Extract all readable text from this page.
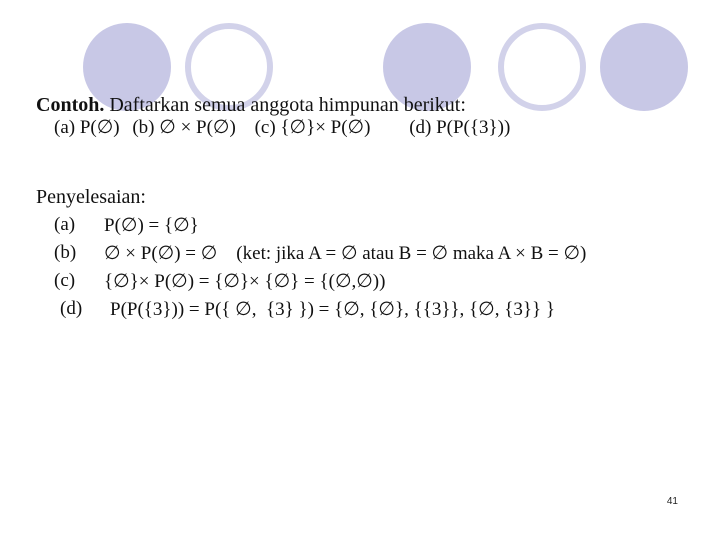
Contoh. Daftarkan semua anggota himpunan berikut:
(a) P(∅) (b) ∅ × P(∅) (c) {∅}× P(∅) (d) P(P({3}))
Penyelesaian:
(a) P(∅) = {∅}
(b) ∅ × P(∅) = ∅    (ket: jika A = ∅ atau B = ∅ maka A × B = ∅)
(c) {∅}× P(∅) = {∅}× {∅} = {(∅,∅))
(d) P(P({3})) = P({ ∅,  {3} }) = {∅, {∅}, {{3}}, {∅, {3}} }
41
